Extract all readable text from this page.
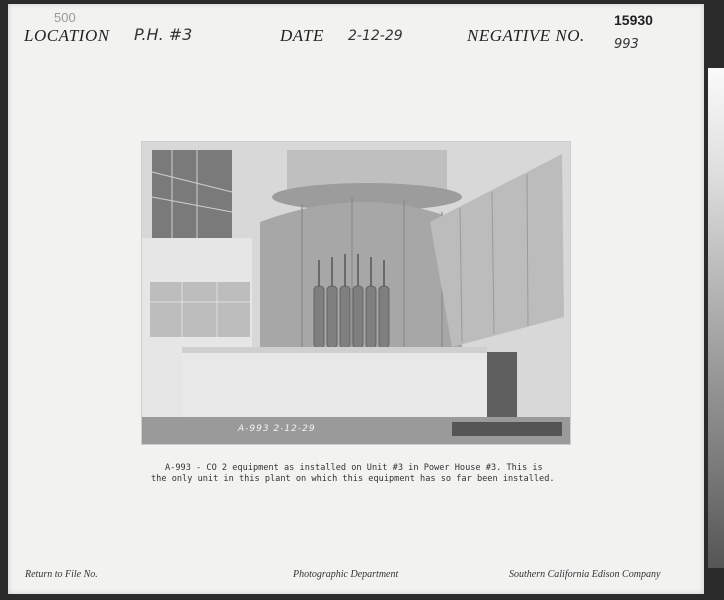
500
LOCATION P.H. #3	DATE 2-12-29	NEGATIVE NO.
15930
993
A-993 2-12-29
A-993 - CO 2 equipment as installed on Unit #3 in Power House #3. This is the only unit in this plant on which this equipment has so far been installed.
Return to File No.	Photographic Department	Southern California Edison Company
